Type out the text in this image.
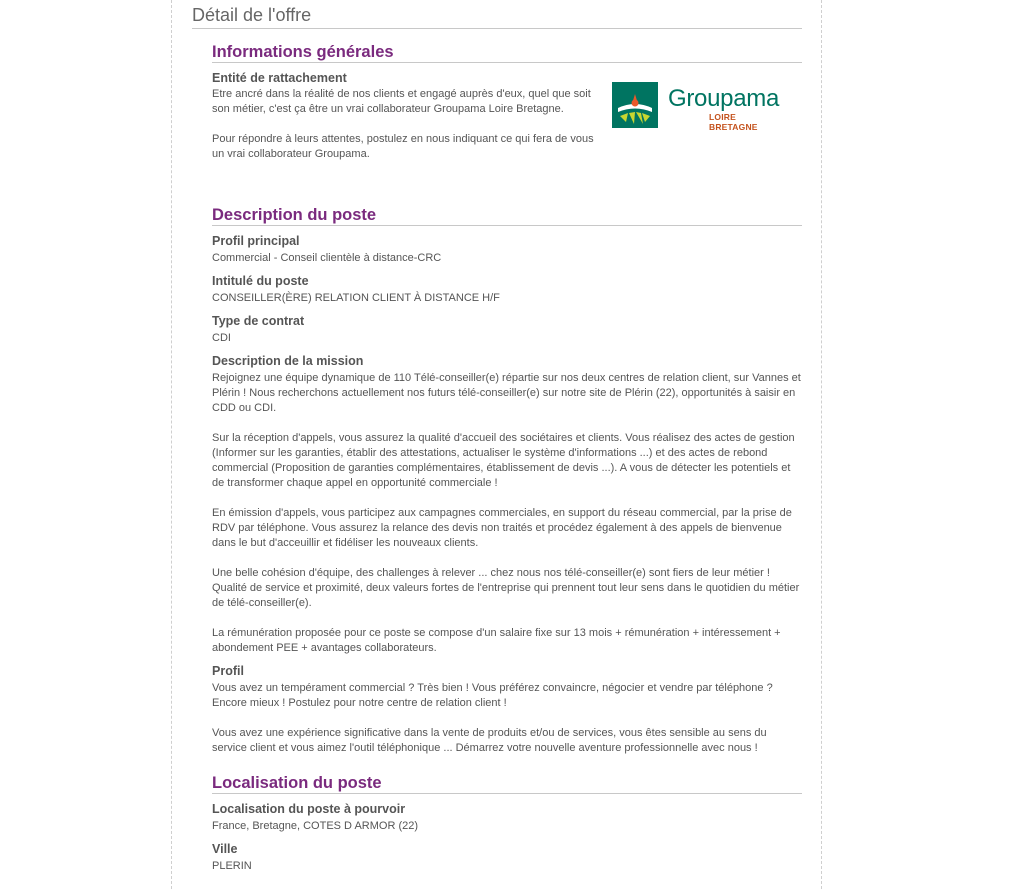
Détail de l'offre
Informations générales
Entité de rattachement

Etre ancré dans la réalité de nos clients et engagé auprès d'eux, quel que soit son métier, c'est ça être un vrai collaborateur Groupama Loire Bretagne.

Pour répondre à leurs attentes, postulez en nous indiquant ce qui fera de vous un vrai collaborateur Groupama.

Groupama
LOIRE BRETAGNE
Description du poste
Profil principal
Commercial - Conseil clientèle à distance-CRC
Intitulé du poste
CONSEILLER(ÈRE) RELATION CLIENT À DISTANCE H/F
Type de contrat
CDI
Description de la mission

Rejoignez une équipe dynamique de 110 Télé-conseiller(e) répartie sur nos deux centres de relation client, sur Vannes et Plérin ! Nous recherchons actuellement nos futurs télé-conseiller(e) sur notre site de Plérin (22), opportunités à saisir en CDD ou CDI.

Sur la réception d'appels, vous assurez la qualité d'accueil des sociétaires et clients. Vous réalisez des actes de gestion (Informer sur les garanties, établir des attestations, actualiser le système d'informations ...) et des actes de rebond commercial (Proposition de garanties complémentaires, établissement de devis ...). A vous de détecter les potentiels et de transformer chaque appel en opportunité commerciale !

En émission d'appels, vous participez aux campagnes commerciales, en support du réseau commercial, par la prise de RDV par téléphone. Vous assurez la relance des devis non traités et procédez également à des appels de bienvenue dans le but d'acceuillir et fidéliser les nouveaux clients.

Une belle cohésion d'équipe, des challenges à relever ... chez nous nos télé-conseiller(e) sont fiers de leur métier ! Qualité de service et proximité, deux valeurs fortes de l'entreprise qui prennent tout leur sens dans le quotidien du métier de télé-conseiller(e).

La rémunération proposée pour ce poste se compose d'un salaire fixe sur 13 mois + rémunération + intéressement + abondement PEE + avantages collaborateurs.

Profil

Vous avez un tempérament commercial ? Très bien ! Vous préférez convaincre, négocier et vendre par téléphone ? Encore mieux ! Postulez pour notre centre de relation client !

Vous avez une expérience significative dans la vente de produits et/ou de services, vous êtes sensible au sens du service client et vous aimez l'outil téléphonique ... Démarrez votre nouvelle aventure professionnelle avec nous !

Localisation du poste
Localisation du poste à pourvoir
France, Bretagne, COTES D ARMOR (22)
Ville
PLERIN
